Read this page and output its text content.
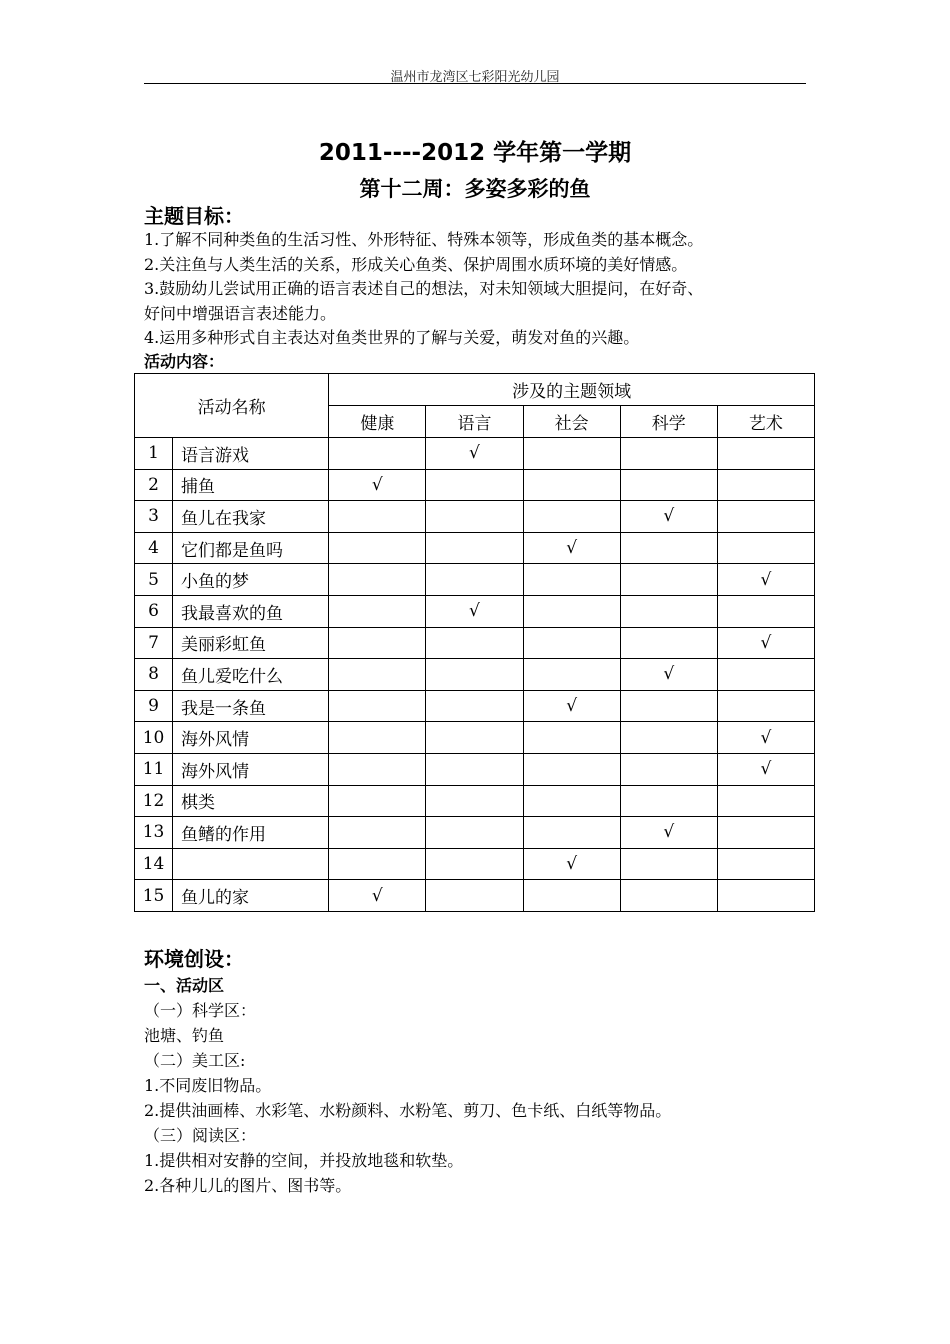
温州市龙湾区七彩阳光幼儿园
2011----2012 学年第一学期
第十二周：多姿多彩的鱼
主题目标：
1.了解不同种类鱼的生活习性、外形特征、特殊本领等，形成鱼类的基本概念。
2.关注鱼与人类生活的关系，形成关心鱼类、保护周围水质环境的美好情感。
3.鼓励幼儿尝试用正确的语言表述自己的想法，对未知领域大胆提问，在好奇、
好问中增强语言表述能力。
4.运用多种形式自主表达对鱼类世界的了解与关爱，萌发对鱼的兴趣。
活动内容：
活动名称		涉及的主题领域				
		健康	语言	社会	科学	艺术
1	语言游戏		√			
2	捕鱼	√				
3	鱼儿在我家				√	
4	它们都是鱼吗			√		
5	小鱼的梦					√
6	我最喜欢的鱼		√			
7	美丽彩虹鱼					√
8	鱼儿爱吃什么				√	
9	我是一条鱼			√		
10	海外风情					√
11	海外风情					√
12	棋类					
13	鱼鳍的作用				√	
14				√		
15	鱼儿的家	√				
环境创设：
一、活动区
（一）科学区：
池塘、钓鱼
（二）美工区:
1.不同废旧物品。
2.提供油画棒、水彩笔、水粉颜料、水粉笔、剪刀、色卡纸、白纸等物品。
（三）阅读区：
1.提供相对安静的空间，并投放地毯和软垫。
2.各种儿儿的图片、图书等。
